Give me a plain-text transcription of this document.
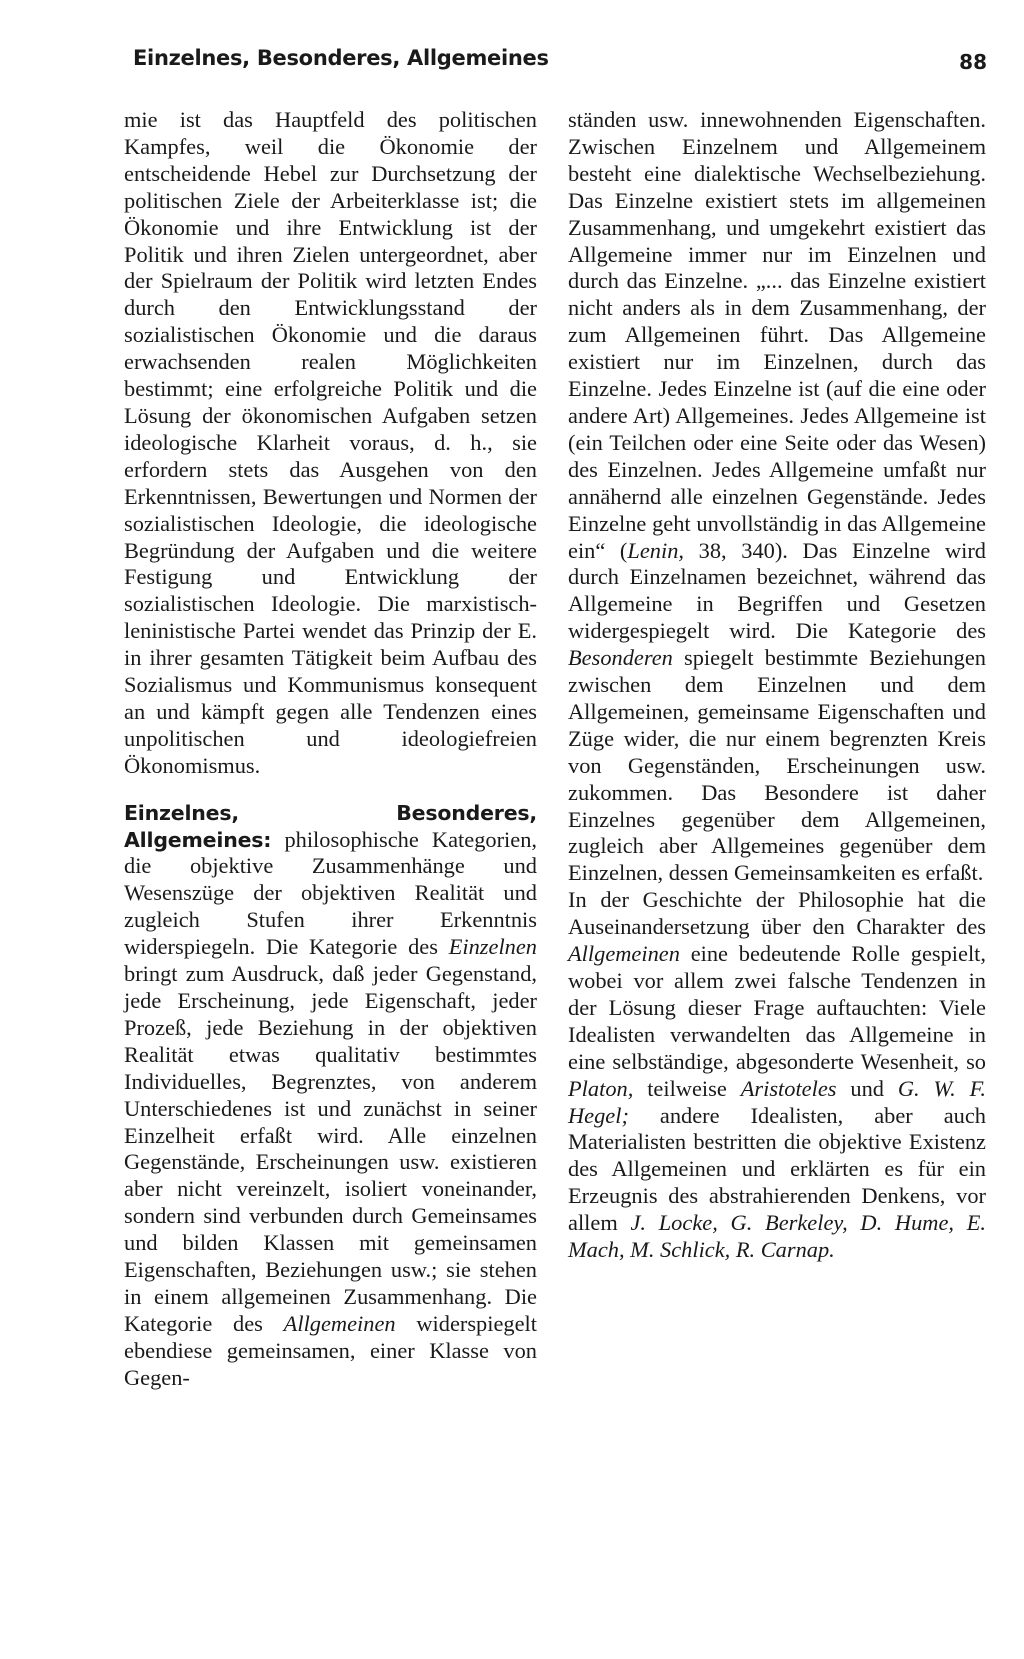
Einzelnes, Besonderes, Allgemeines	88

mie ist das Hauptfeld des politischen Kampfes, weil die Ökonomie der entscheidende Hebel zur Durchsetzung der politischen Ziele der Arbeiterklasse ist; die Ökonomie und ihre Entwicklung ist der Politik und ihren Zielen untergeordnet, aber der Spielraum der Politik wird letzten Endes durch den Entwicklungsstand der sozialistischen Ökonomie und die daraus erwachsenden realen Möglichkeiten bestimmt; eine erfolgreiche Politik und die Lösung der ökonomischen Aufgaben setzen ideologische Klarheit voraus, d. h., sie erfordern stets das Ausgehen von den Erkenntnissen, Bewertungen und Normen der sozialistischen Ideologie, die ideologische Begründung der Aufgaben und die weitere Festigung und Entwicklung der sozialistischen Ideologie. Die marxistisch-leninistische Partei wendet das Prinzip der E. in ihrer gesamten Tätigkeit beim Aufbau des Sozialismus und Kommunismus konsequent an und kämpft gegen alle Tendenzen eines unpolitischen und ideologiefreien Ökonomismus.

Einzelnes, Besonderes, Allgemeines: philosophische Kategorien, die objektive Zusammenhänge und Wesenszüge der objektiven Realität und zugleich Stufen ihrer Erkenntnis widerspiegeln. Die Kategorie des Einzelnen bringt zum Ausdruck, daß jeder Gegenstand, jede Erscheinung, jede Eigenschaft, jeder Prozeß, jede Beziehung in der objektiven Realität etwas qualitativ bestimmtes Individuelles, Begrenztes, von anderem Unterschiedenes ist und zunächst in seiner Einzelheit erfaßt wird. Alle einzelnen Gegenstände, Erscheinungen usw. existieren aber nicht vereinzelt, isoliert voneinander, sondern sind verbunden durch Gemeinsames und bilden Klassen mit gemeinsamen Eigenschaften, Beziehungen usw.; sie stehen in einem allgemeinen Zusammenhang. Die Kategorie des Allgemeinen widerspiegelt ebendiese gemeinsamen, einer Klasse von Gegen-

ständen usw. innewohnenden Eigenschaften. Zwischen Einzelnem und Allgemeinem besteht eine dialektische Wechselbeziehung. Das Einzelne existiert stets im allgemeinen Zusammenhang, und umgekehrt existiert das Allgemeine immer nur im Einzelnen und durch das Einzelne. „... das Einzelne existiert nicht anders als in dem Zusammenhang, der zum Allgemeinen führt. Das Allgemeine existiert nur im Einzelnen, durch das Einzelne. Jedes Einzelne ist (auf die eine oder andere Art) Allgemeines. Jedes Allgemeine ist (ein Teilchen oder eine Seite oder das Wesen) des Einzelnen. Jedes Allgemeine umfaßt nur annähernd alle einzelnen Gegenstände. Jedes Einzelne geht unvollständig in das Allgemeine ein“ (Lenin, 38, 340). Das Einzelne wird durch Einzelnamen bezeichnet, während das Allgemeine in Begriffen und Gesetzen widergespiegelt wird. Die Kategorie des Besonderen spiegelt bestimmte Beziehungen zwischen dem Einzelnen und dem Allgemeinen, gemeinsame Eigenschaften und Züge wider, die nur einem begrenzten Kreis von Gegenständen, Erscheinungen usw. zukommen. Das Besondere ist daher Einzelnes gegenüber dem Allgemeinen, zugleich aber Allgemeines gegenüber dem Einzelnen, dessen Gemeinsamkeiten es erfaßt.

In der Geschichte der Philosophie hat die Auseinandersetzung über den Charakter des Allgemeinen eine bedeutende Rolle gespielt, wobei vor allem zwei falsche Tendenzen in der Lösung dieser Frage auftauchten: Viele Idealisten verwandelten das Allgemeine in eine selbständige, abgesonderte Wesenheit, so Platon, teilweise Aristoteles und G. W. F. Hegel; andere Idealisten, aber auch Materialisten bestritten die objektive Existenz des Allgemeinen und erklärten es für ein Erzeugnis des abstrahierenden Denkens, vor allem J. Locke, G. Berkeley, D. Hume, E. Mach, M. Schlick, R. Carnap.
